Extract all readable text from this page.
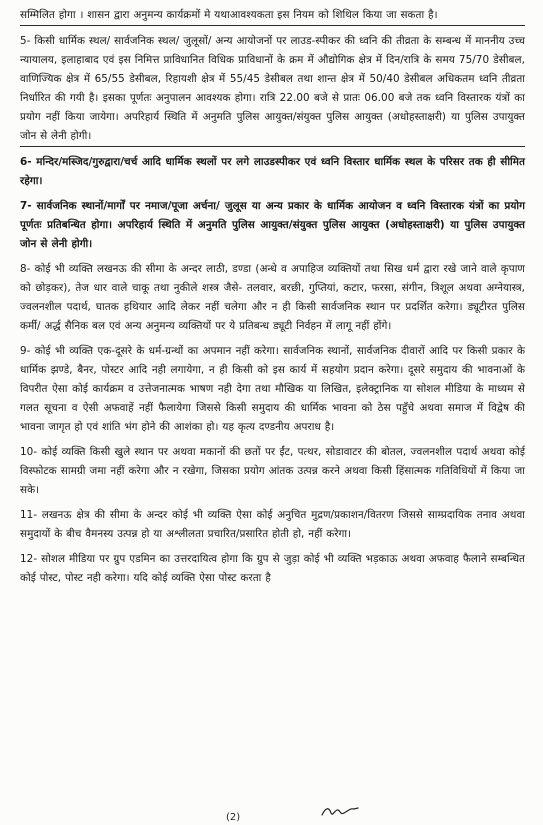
सम्मिलित होगा । शासन द्वारा अनुमन्य कार्यक्रमों मे यथाआवश्यकता इस नियम को शिथिल किया जा सकता है।

5- किसी धार्मिक स्थल/ सार्वजनिक स्थल/ जुलूसों/ अन्य आयोजनों पर लाउड-स्पीकर की ध्वनि की तीव्रता के सम्बन्ध में माननीय उच्च न्यायालय, इलाहाबाद एवं इस निमित्त प्राविधानित विधिक प्राविधानों के क्रम में औद्योगिक क्षेत्र में दिन/रात्रि के समय 75/70 डेसीबल, वाणिज्यिक क्षेत्र में 65/55 डेसीबल, रिहायशी क्षेत्र में 55/45 डेसीबल तथा शान्त क्षेत्र में 50/40 डेसीबल अधिकतम ध्वनि तीव्रता निर्धारित की गयी है। इसका पूर्णतः अनुपालन आवश्यक होगा। रात्रि 22.00 बजे से प्रातः 06.00 बजे तक ध्वनि विस्तारक यंत्रों का प्रयोग नहीं किया जायेगा। अपरिहार्य स्थिति में अनुमति पुलिस आयुक्त/संयुक्त पुलिस आयुक्त (अधोहस्ताक्षरी) या पुलिस उपायुक्त जोन से लेनी होगी।

6- मन्दिर/मस्जिद/गुरुद्वारा/चर्च आदि धार्मिक स्थलों पर लगे लाउडस्पीकर एवं ध्वनि विस्तार धार्मिक स्थल के परिसर तक ही सीमित रहेगा।

7- सार्वजनिक स्थानों/मार्गों पर नमाज/पूजा अर्चना/ जुलूस या अन्य प्रकार के धार्मिक आयोजन व ध्वनि विस्तारक यंत्रों का प्रयोग पूर्णतः प्रतिबन्धित होगा। अपरिहार्य स्थिति में अनुमति पुलिस आयुक्त/संयुक्त पुलिस आयुक्त (अधोहस्ताक्षरी) या पुलिस उपायुक्त जोन से लेनी होगी।

8- कोई भी व्यक्ति लखनऊ की सीमा के अन्दर लाठी, डण्डा (अन्धे व अपाहिज व्यक्तियों तथा सिख धर्म द्वारा रखे जाने वाले कृपाण को छोड़कर), तेज धार वाले चाकू तथा नुकीले शस्त्र जैसे- तलवार, बरछी, गुप्तियां, कटार, फरसा, संगीन, त्रिशूल अथवा अग्नेयास्त्र, ज्वलनशील पदार्थ, घातक हथियार आदि लेकर नहीं चलेगा और न ही किसी सार्वजनिक स्थान पर प्रदर्शित करेगा। ड्यूटीरत पुलिस कर्मी/ अर्द्ध सैनिक बल एवं अन्य अनुमन्य व्यक्तियों पर ये प्रतिबन्ध ड्यूटी निर्वहन में लागू नहीं होंगे।

9- कोई भी व्यक्ति एक-दूसरे के धर्म-ग्रन्थों का अपमान नहीं करेगा। सार्वजनिक स्थानों, सार्वजनिक दीवारों आदि पर किसी प्रकार के धार्मिक झण्डे, बैनर, पोस्टर आदि नही लगायेगा, न ही किसी को इस कार्य में सहयोग प्रदान करेगा। दूसरे समुदाय की भावनाओं के विपरीत ऐसा कोई कार्यक्रम व उत्तेजनात्मक भाषण नही देगा तथा मौखिक या लिखित, इलेक्ट्रानिक या सोशल मीडिया के माध्यम से गलत सूचना व ऐसी अफवाहें नहीं फैलायेगा जिससे किसी समुदाय की धार्मिक भावना को ठेस पहुँचे अथवा समाज में विद्वेष की भावना जागृत हो एवं शांति भंग होने की आशंका हो। यह कृत्य दण्डनीय अपराध है।

10- कोई व्यक्ति किसी खुले स्थान पर अथवा मकानों की छतों पर ईंट, पत्थर, सोडावाटर की बोतल, ज्वलनशील पदार्थ अथवा कोई विस्फोटक सामग्री जमा नहीं करेगा और न रखेगा, जिसका प्रयोग आंतक उत्पन्न करने अथवा किसी हिंसात्मक गतिविधियों में किया जा सके।

11- लखनऊ क्षेत्र की सीमा के अन्दर कोई भी व्यक्ति ऐसा कोई अनुचित मुद्रण/प्रकाशन/वितरण जिससे साम्प्रदायिक तनाव अथवा समुदायों के बीच वैमनस्य उत्पन्न हो या अश्लीलता प्रचारित/प्रसारित होती हो, नहीं करेगा।

12- सोशल मीडिया पर ग्रुप एडमिन का उत्तरदायित्व होगा कि ग्रुप से जुड़ा कोई भी व्यक्ति भड़काऊ अथवा अफवाह फैलाने सम्बन्धित कोई पोस्ट, पोस्ट नही करेगा। यदि कोई व्यक्ति ऐसा पोस्ट करता है

(2)
